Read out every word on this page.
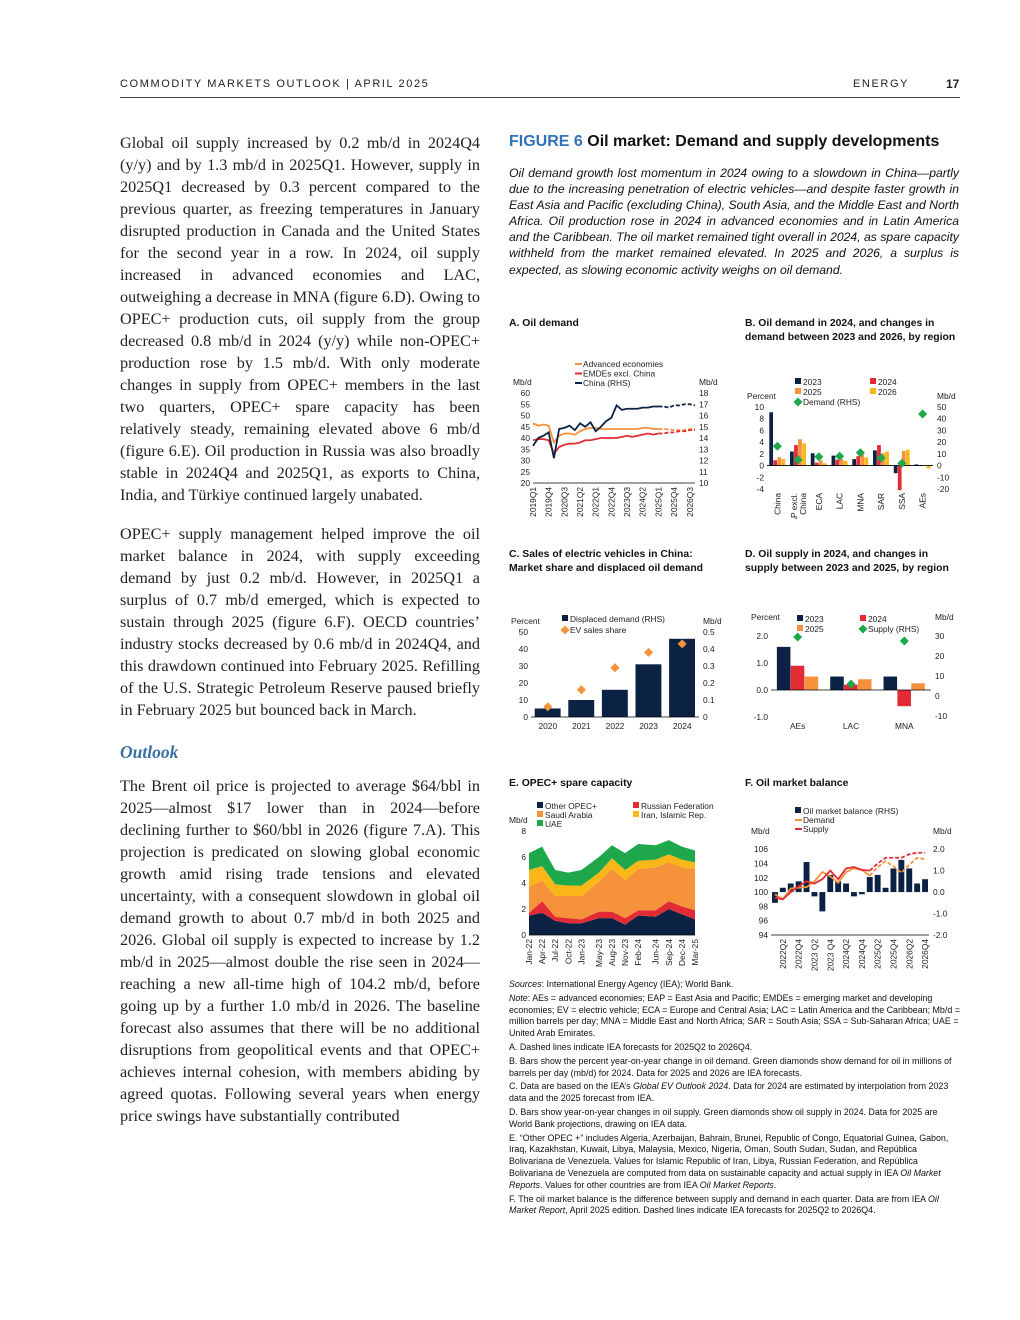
COMMODITY MARKETS OUTLOOK | APRIL 2025	ENERGY	17

Global oil supply increased by 0.2 mb/d in 2024Q4 (y/y) and by 1.3 mb/d in 2025Q1. However, supply in 2025Q1 decreased by 0.3 percent compared to the previous quarter, as freezing temperatures in January disrupted production in Canada and the United States for the second year in a row. In 2024, oil supply increased in advanced economies and LAC, outweighing a decrease in MNA (figure 6.D). Owing to OPEC+ production cuts, oil supply from the group decreased 0.8 mb/d in 2024 (y/y) while non-OPEC+ production rose by 1.5 mb/d. With only moderate changes in supply from OPEC+ members in the last two quarters, OPEC+ spare capacity has been relatively steady, remaining elevated above 6 mb/d (figure 6.E). Oil production in Russia was also broadly stable in 2024Q4 and 2025Q1, as exports to China, India, and Türkiye continued largely unabated.

OPEC+ supply management helped improve the oil market balance in 2024, with supply exceeding demand by just 0.2 mb/d. However, in 2025Q1 a surplus of 0.7 mb/d emerged, which is expected to sustain through 2025 (figure 6.F). OECD countries’ industry stocks decreased by 0.6 mb/d in 2024Q4, and this drawdown continued into February 2025. Refilling of the U.S. Strategic Petroleum Reserve paused briefly in February 2025 but bounced back in March.

Outlook

The Brent oil price is projected to average $64/bbl in 2025—almost $17 lower than in 2024—before declining further to $60/bbl in 2026 (figure 7.A). This projection is predicated on slowing global economic growth amid rising trade tensions and elevated uncertainty, with a consequent slowdown in global oil demand growth to about 0.7 mb/d in both 2025 and 2026. Global oil supply is expected to increase by 1.2 mb/d in 2025—almost double the rise seen in 2024—reaching a new all-time high of 104.2 mb/d, before going up by a further 1.0 mb/d in 2026. The baseline forecast also assumes that there will be no additional disruptions from geopolitical events and that OPEC+ achieves internal cohesion, with members abiding by agreed quotas. Following several years when energy price swings have substantially contributed

FIGURE 6 Oil market: Demand and supply developments
Oil demand growth lost momentum in 2024 owing to a slowdown in China—partly due to the increasing penetration of electric vehicles—and despite faster growth in East Asia and Pacific (excluding China), South Asia, and the Middle East and North Africa. Oil production rose in 2024 in advanced economies and in Latin America and the Caribbean. The oil market remained tight overall in 2024, as spare capacity withheld from the market remained elevated. In 2025 and 2026, a surplus is expected, as slowing economic activity weighs on oil demand.
A. Oil demand
20
25
30
35
40
45
50
55
60
10
11
12
13
14
15
16
17
18
Mb/d	Mb/d
2019Q1 2019Q4 2020Q3 2021Q2 2022Q1 2022Q4 2023Q3 2024Q2 2025Q1 2025Q4 2026Q3
Advanced economies
EMDEs excl. China
China (RHS)
B. Oil demand in 2024, and changes in demand between 2023 and 2026, by region
-4
-2
0
2
4
6
8
10
-20
-10
0
10
20
30
40
50
Percent	Mb/d
China EAP excl. China ECA LAC MNA SAR SSA AEs
2023	2024
2025	2026
Demand (RHS)
C. Sales of electric vehicles in China: Market share and displaced oil demand
0
10
20
30
40
50
0
0.1
0.2
0.3
0.4
0.5
Percent	Mb/d
2020 2021 2022 2023 2024
Displaced demand (RHS)
EV sales share
D. Oil supply in 2024, and changes in supply between 2023 and 2025, by region
-1.0
0.0
1.0
2.0
-10
0
10
20
30
Percent	Mb/d
AEs	LAC	MNA
2023	2024
2025	Supply (RHS)
E. OPEC+ spare capacity
0
2
4
6
8
Mb/d
Jan-22 Apr-22 Jul-22 Oct-22 Jan-23 May-23 Aug-23 Nov-23 Feb-24 Jun-24 Sep-24 Dec-24 Mar-25
Other OPEC+	Russian Federation
Saudi Arabia	Iran, Islamic Rep.
UAE
F. Oil market balance
94
96
98
100
102
104
106
-2.0
-1.0
0.0
1.0
2.0
Mb/d	Mb/d
2022Q2 2022Q4 2023 Q2 2023 Q4 2024Q2 2024Q4 2025Q2 2025Q4 2026Q2 2026Q4
Oil market balance (RHS)
Demand
Supply

Sources: International Energy Agency (IEA); World Bank.

Note: AEs = advanced economies; EAP = East Asia and Pacific; EMDEs = emerging market and developing economies; EV = electric vehicle; ECA = Europe and Central Asia; LAC = Latin America and the Caribbean; Mb/d = million barrels per day; MNA = Middle East and North Africa; SAR = South Asia; SSA = Sub-Saharan Africa; UAE = United Arab Emirates.

A. Dashed lines indicate IEA forecasts for 2025Q2 to 2026Q4.

B. Bars show the percent year-on-year change in oil demand. Green diamonds show demand for oil in millions of barrels per day (mb/d) for 2024. Data for 2025 and 2026 are IEA forecasts.

C. Data are based on the IEA’s Global EV Outlook 2024. Data for 2024 are estimated by interpolation from 2023 data and the 2025 forecast from IEA.

D. Bars show year-on-year changes in oil supply. Green diamonds show oil supply in 2024. Data for 2025 are World Bank projections, drawing on IEA data.

E. “Other OPEC +” includes Algeria, Azerbaijan, Bahrain, Brunei, Republic of Congo, Equatorial Guinea, Gabon, Iraq, Kazakhstan, Kuwait, Libya, Malaysia, Mexico, Nigeria, Oman, South Sudan, Sudan, and República Bolivariana de Venezuela. Values for Islamic Republic of Iran, Libya, Russian Federation, and República Bolivariana de Venezuela are computed from data on sustainable capacity and actual supply in IEA Oil Market Reports. Values for other countries are from IEA Oil Market Reports.

F. The oil market balance is the difference between supply and demand in each quarter. Data are from IEA Oil Market Report, April 2025 edition. Dashed lines indicate IEA forecasts for 2025Q2 to 2026Q4.
